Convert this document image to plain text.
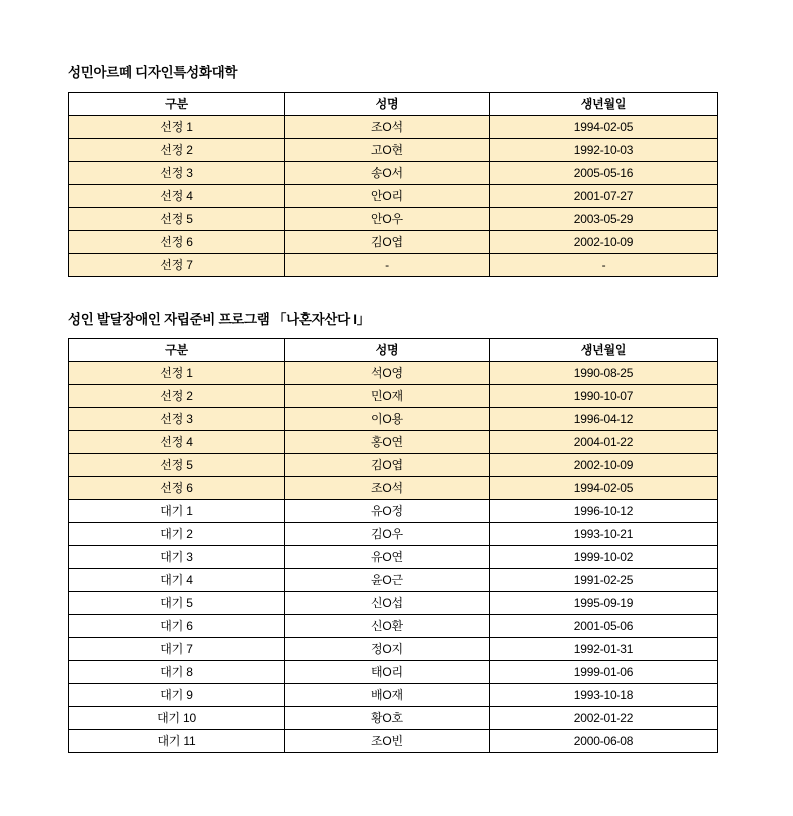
성민아르떼 디자인특성화대학
구분	성명	생년월일
선정 1	조O석	1994-02-05
선정 2	고O현	1992-10-03
선정 3	송O서	2005-05-16
선정 4	안O리	2001-07-27
선정 5	안O우	2003-05-29
선정 6	김O엽	2002-10-09
선정 7	-	-
성인 발달장애인 자립준비 프로그램 「나혼자산다 I」
구분	성명	생년월일
선정 1	석O영	1990-08-25
선정 2	민O재	1990-10-07
선정 3	이O용	1996-04-12
선정 4	홍O연	2004-01-22
선정 5	김O엽	2002-10-09
선정 6	조O석	1994-02-05
대기 1	유O정	1996-10-12
대기 2	김O우	1993-10-21
대기 3	유O연	1999-10-02
대기 4	윤O근	1991-02-25
대기 5	신O섭	1995-09-19
대기 6	신O환	2001-05-06
대기 7	정O지	1992-01-31
대기 8	태O리	1999-01-06
대기 9	배O재	1993-10-18
대기 10	황O호	2002-01-22
대기 11	조O빈	2000-06-08
